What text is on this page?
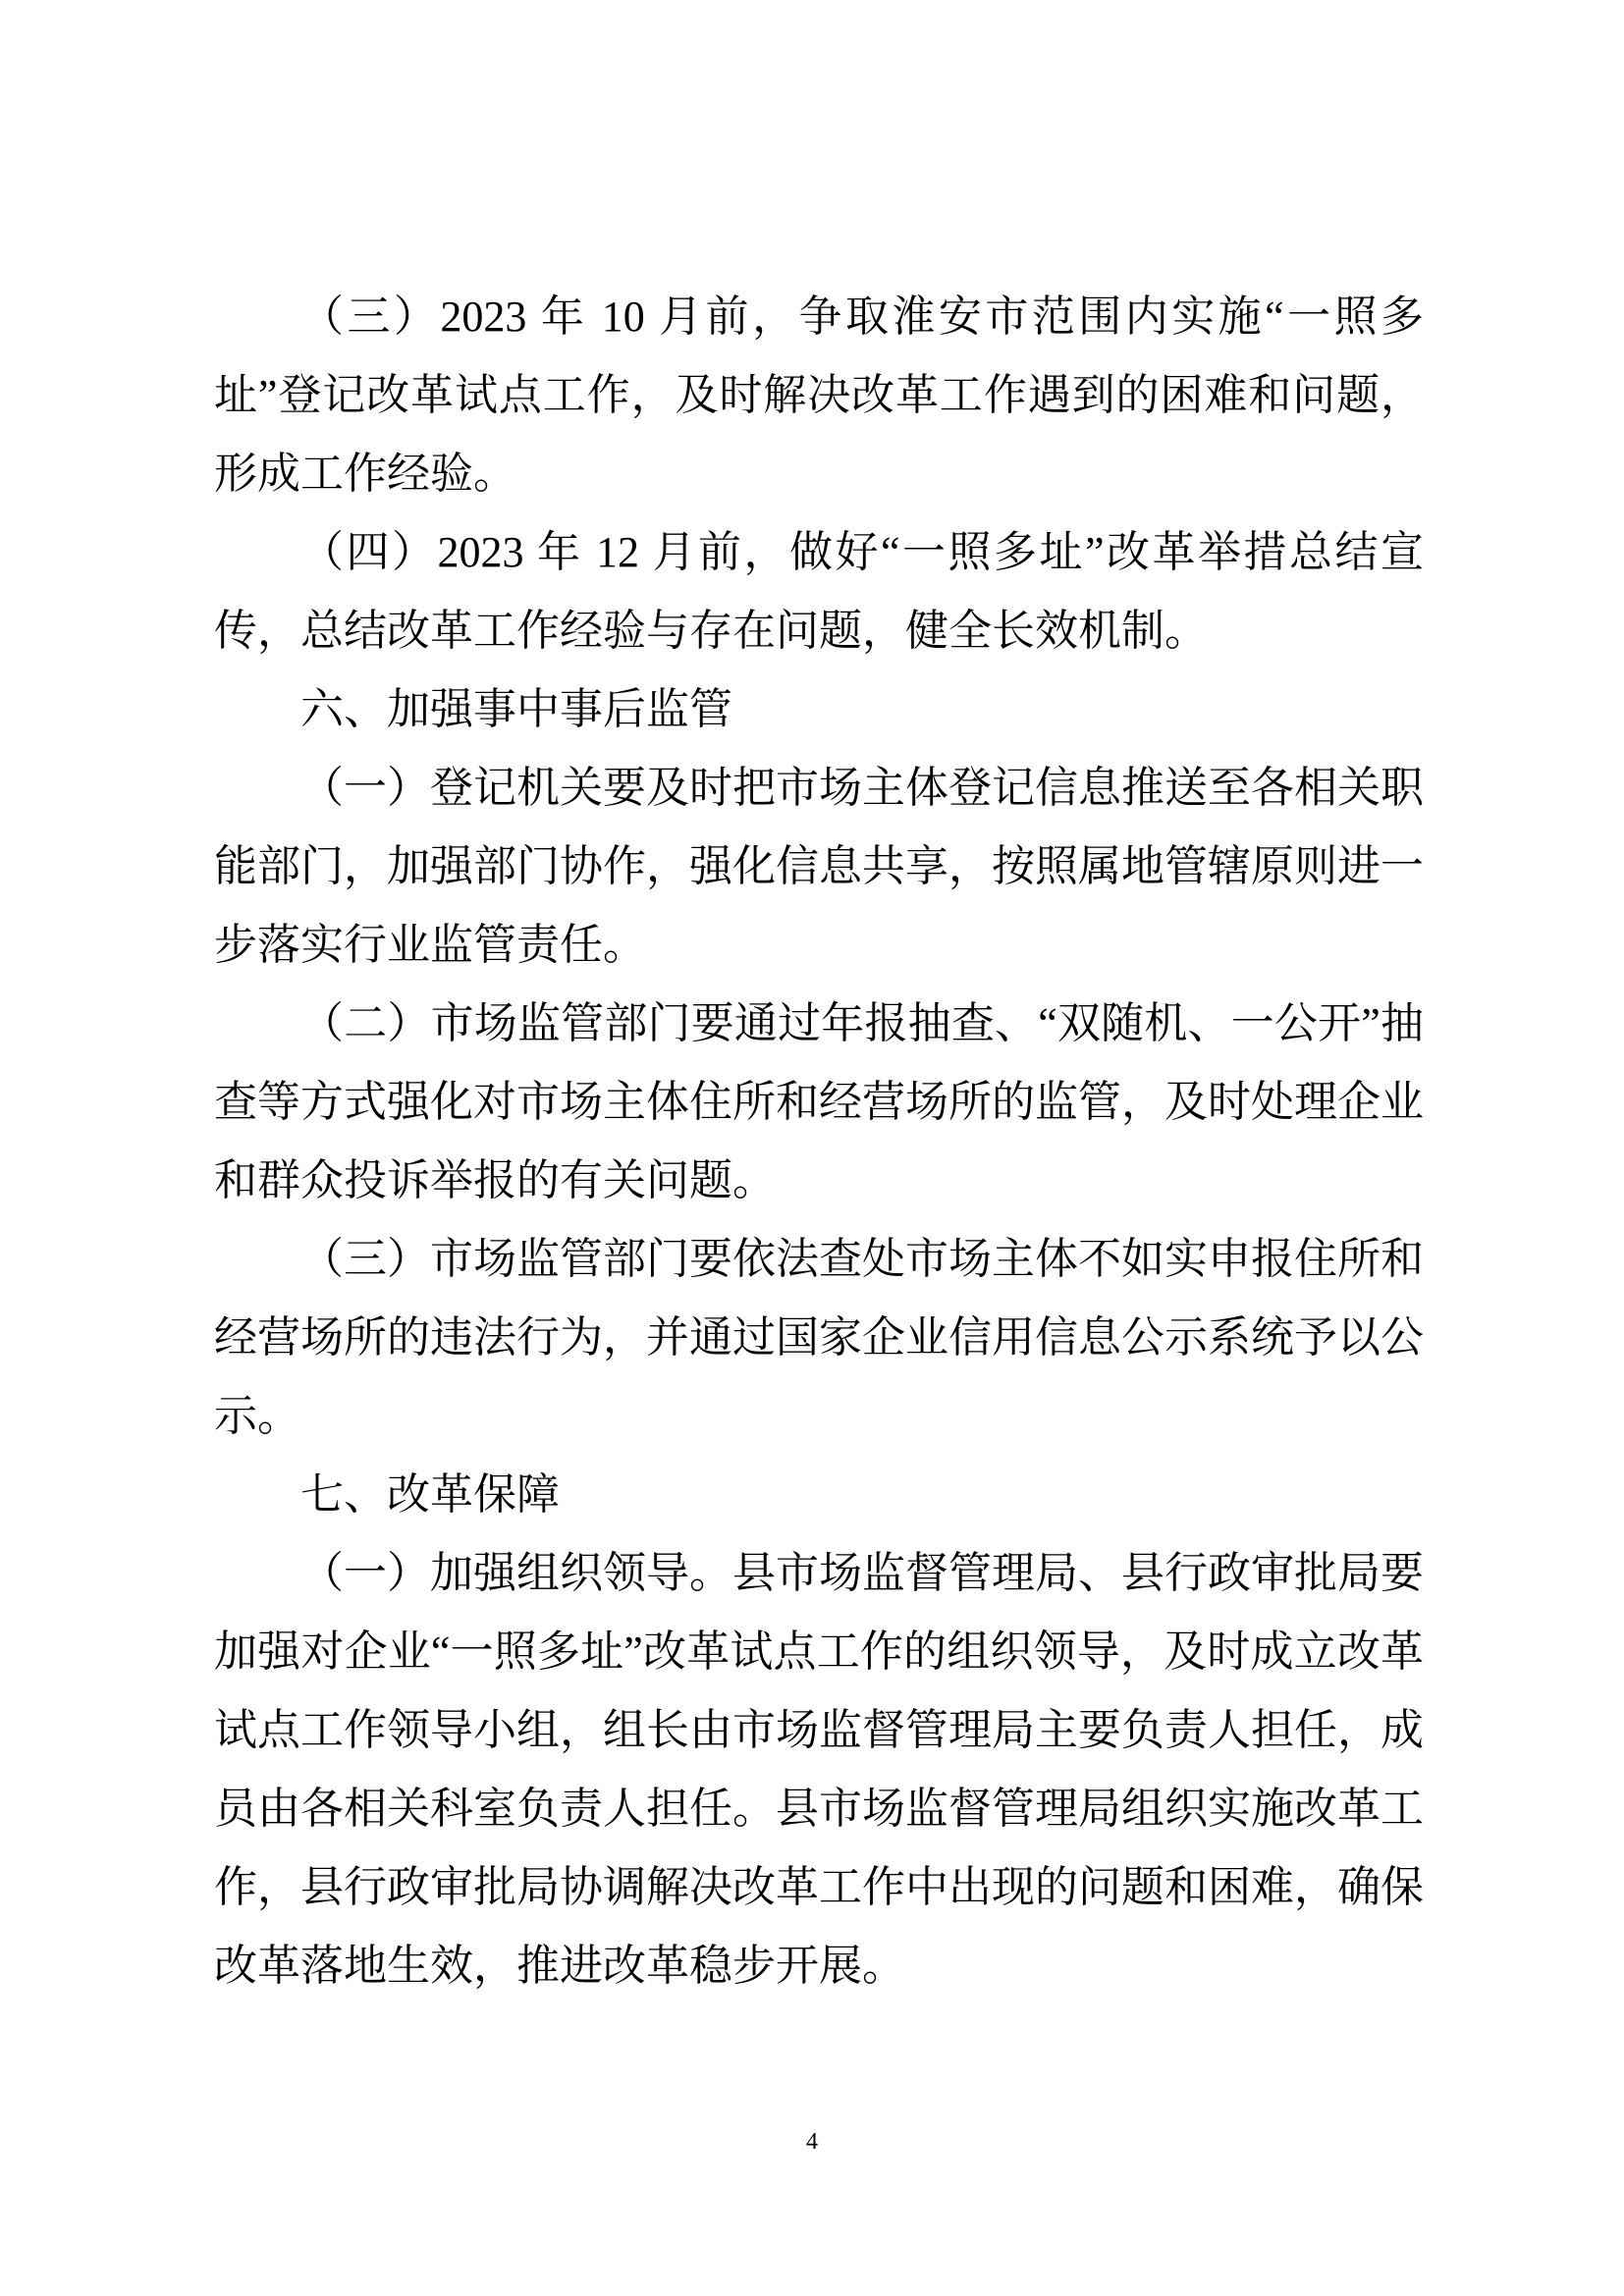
（三）2023 年 10 月前，争取淮安市范围内实施“一照多址”登记改革试点工作，及时解决改革工作遇到的困难和问题，形成工作经验。

（四）2023 年 12 月前，做好“一照多址”改革举措总结宣传，总结改革工作经验与存在问题，健全长效机制。

六、加强事中事后监管

（一）登记机关要及时把市场主体登记信息推送至各相关职能部门，加强部门协作，强化信息共享，按照属地管辖原则进一步落实行业监管责任。

（二）市场监管部门要通过年报抽查、“双随机、一公开”抽查等方式强化对市场主体住所和经营场所的监管，及时处理企业和群众投诉举报的有关问题。

（三）市场监管部门要依法查处市场主体不如实申报住所和经营场所的违法行为，并通过国家企业信用信息公示系统予以公示。

七、改革保障

（一）加强组织领导。县市场监督管理局、县行政审批局要加强对企业“一照多址”改革试点工作的组织领导，及时成立改革试点工作领导小组，组长由市场监督管理局主要负责人担任，成员由各相关科室负责人担任。县市场监督管理局组织实施改革工作，县行政审批局协调解决改革工作中出现的问题和困难，确保改革落地生效，推进改革稳步开展。

4
